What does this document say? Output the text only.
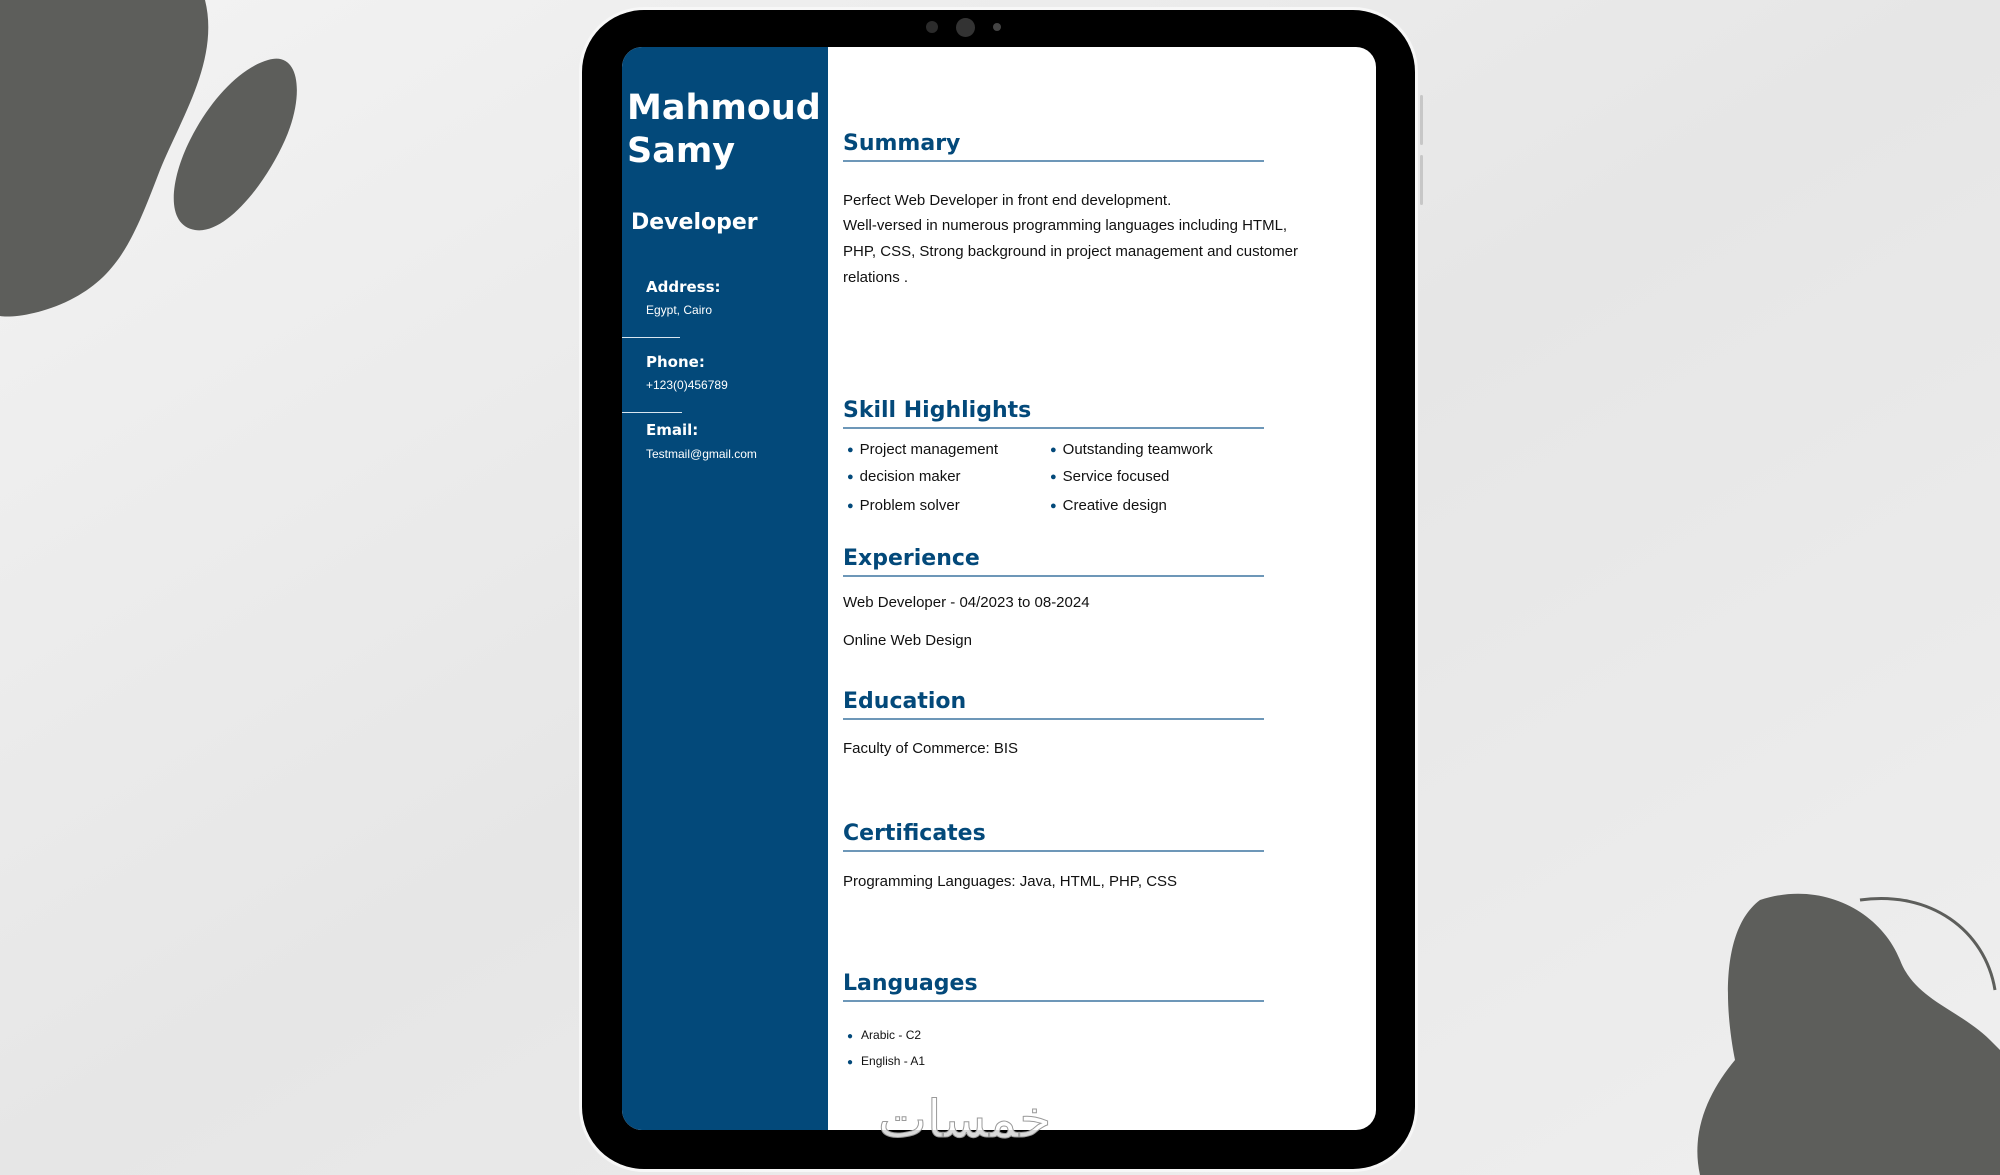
Mahmoud
Samy
Developer
Address:
Egypt, Cairo
Phone:
+123(0)456789
Email:
Testmail@gmail.com
Summary
Perfect Web Developer in front end development.
Well-versed in numerous programming languages including HTML, PHP, CSS, Strong background in project management and customer relations .
Skill Highlights
● Project management
● decision maker
● Problem solver
● Outstanding teamwork
● Service focused
● Creative design
Experience
Web Developer - 04/2023 to 08-2024
Online Web Design
Education
Faculty of Commerce: BIS
Certificates
Programming Languages: Java, HTML, PHP, CSS
Languages
● Arabic - C2
● English - A1
خمسات
